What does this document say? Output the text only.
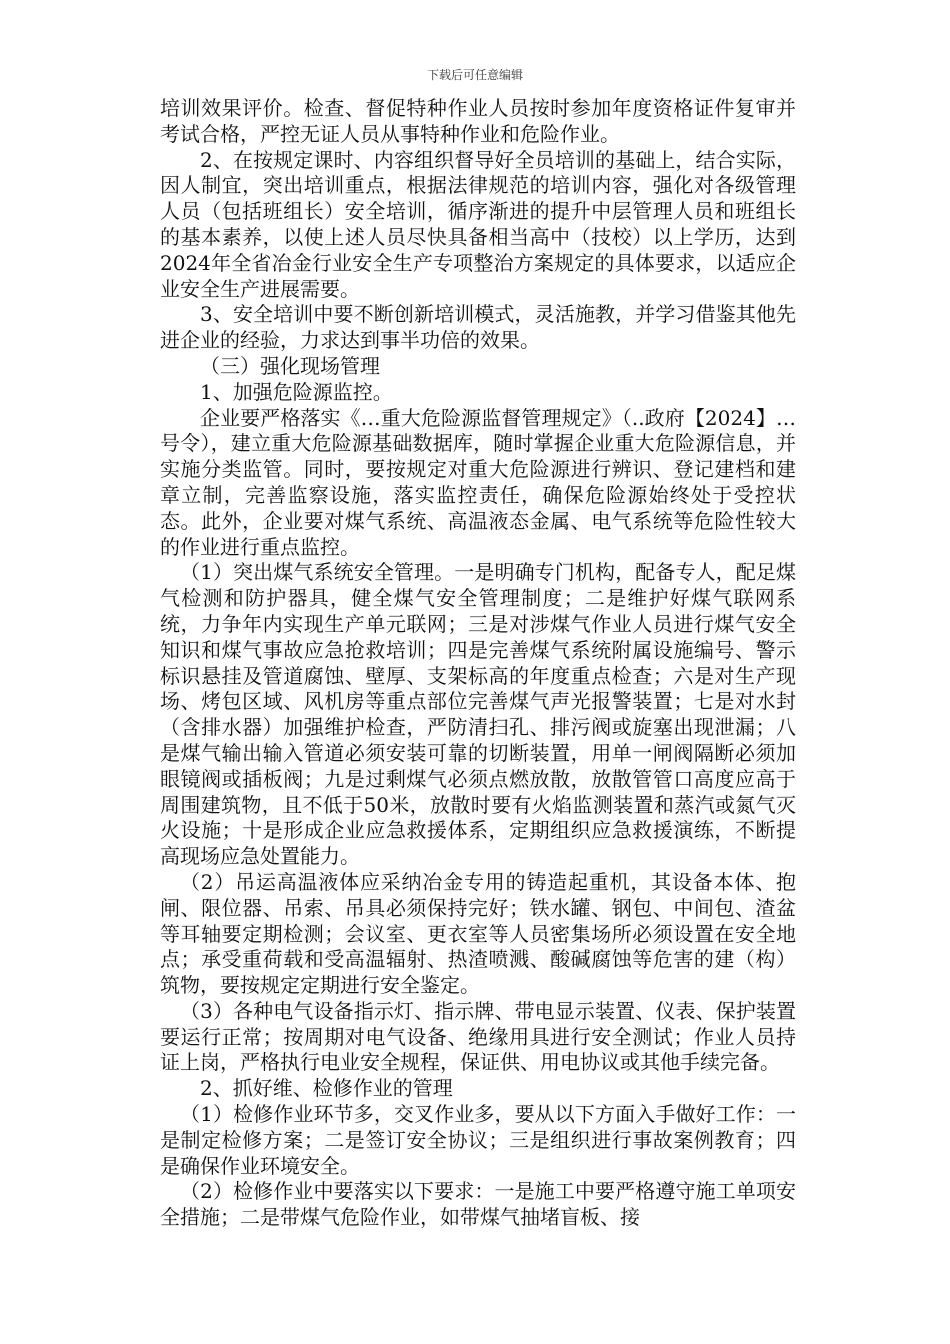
下载后可任意编辑

培训效果评价。检查、督促特种作业人员按时参加年度资格证件复审并考试合格，严控无证人员从事特种作业和危险作业。

2、在按规定课时、内容组织督导好全员培训的基础上，结合实际，因人制宜，突出培训重点，根据法律规范的培训内容，强化对各级管理人员（包括班组长）安全培训，循序渐进的提升中层管理人员和班组长的基本素养，以使上述人员尽快具备相当高中（技校）以上学历，达到2024年全省冶金行业安全生产专项整治方案规定的具体要求，以适应企业安全生产进展需要。

3、安全培训中要不断创新培训模式，灵活施教，并学习借鉴其他先进企业的经验，力求达到事半功倍的效果。

（三）强化现场管理

1、加强危险源监控。

企业要严格落实《…重大危险源监督管理规定》（..政府【2024】…号令），建立重大危险源基础数据库，随时掌握企业重大危险源信息，并实施分类监管。同时，要按规定对重大危险源进行辨识、登记建档和建章立制，完善监察设施，落实监控责任，确保危险源始终处于受控状态。此外，企业要对煤气系统、高温液态金属、电气系统等危险性较大的作业进行重点监控。

（1）突出煤气系统安全管理。一是明确专门机构，配备专人，配足煤气检测和防护器具，健全煤气安全管理制度；二是维护好煤气联网系统，力争年内实现生产单元联网；三是对涉煤气作业人员进行煤气安全知识和煤气事故应急抢救培训；四是完善煤气系统附属设施编号、警示标识悬挂及管道腐蚀、壁厚、支架标高的年度重点检查；六是对生产现场、烤包区域、风机房等重点部位完善煤气声光报警装置；七是对水封（含排水器）加强维护检查，严防清扫孔、排污阀或旋塞出现泄漏；八是煤气输出输入管道必须安装可靠的切断装置，用单一闸阀隔断必须加眼镜阀或插板阀；九是过剩煤气必须点燃放散，放散管管口高度应高于周围建筑物，且不低于50米，放散时要有火焰监测装置和蒸汽或氮气灭火设施；十是形成企业应急救援体系，定期组织应急救援演练，不断提高现场应急处置能力。

（2）吊运高温液体应采纳冶金专用的铸造起重机，其设备本体、抱闸、限位器、吊索、吊具必须保持完好；铁水罐、钢包、中间包、渣盆等耳轴要定期检测；会议室、更衣室等人员密集场所必须设置在安全地点；承受重荷载和受高温辐射、热渣喷溅、酸碱腐蚀等危害的建（构）筑物，要按规定定期进行安全鉴定。

（3）各种电气设备指示灯、指示牌、带电显示装置、仪表、保护装置要运行正常；按周期对电气设备、绝缘用具进行安全测试；作业人员持证上岗，严格执行电业安全规程，保证供、用电协议或其他手续完备。

2、抓好维、检修作业的管理

（1）检修作业环节多，交叉作业多，要从以下方面入手做好工作：一是制定检修方案；二是签订安全协议；三是组织进行事故案例教育；四是确保作业环境安全。

（2）检修作业中要落实以下要求：一是施工中要严格遵守施工单项安全措施；二是带煤气危险作业，如带煤气抽堵盲板、接
